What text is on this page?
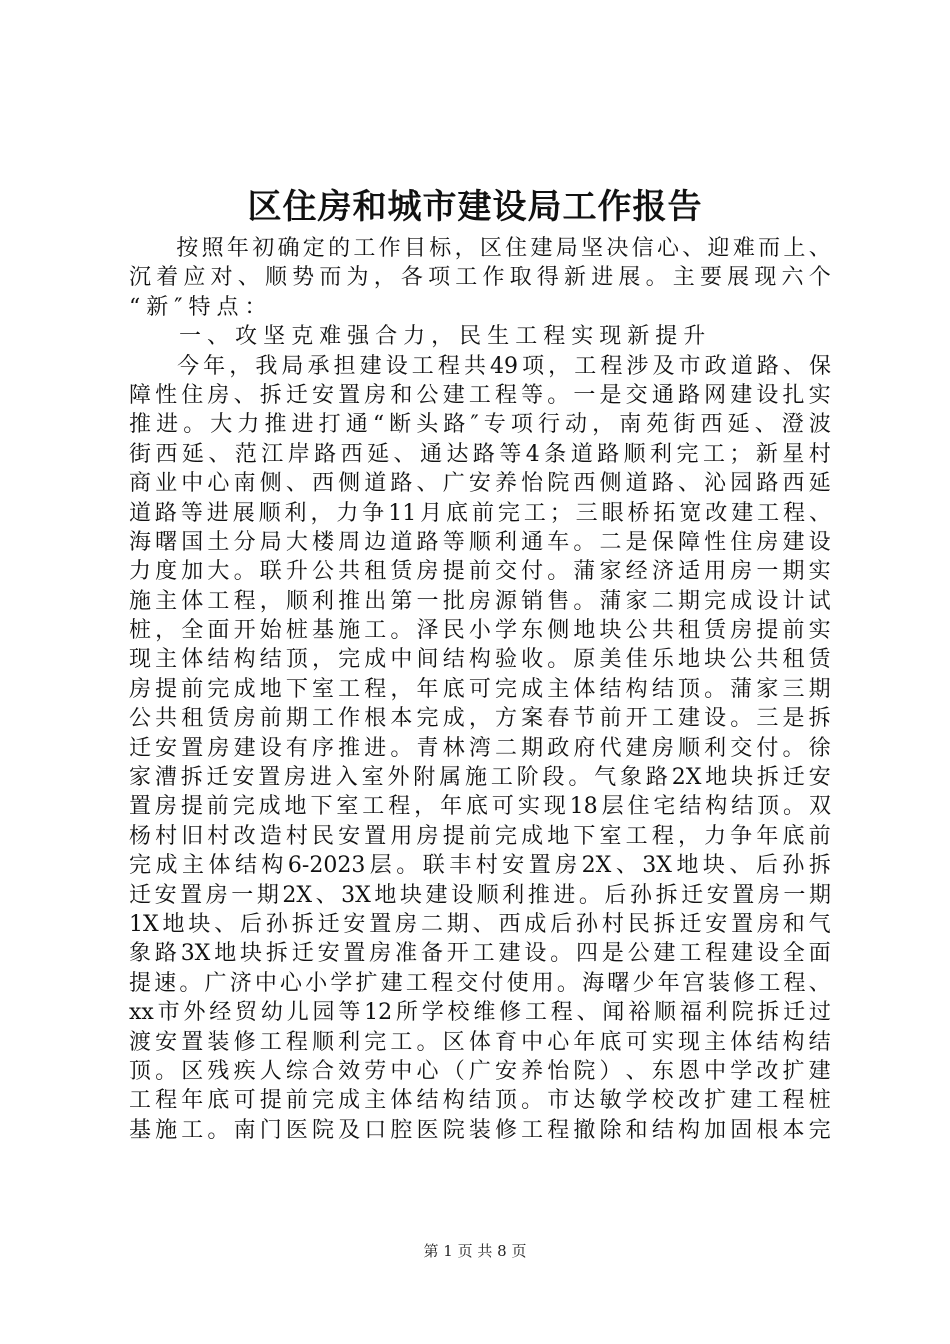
区住房和城市建设局工作报告

按 照 年 初 确 定 的 工 作 目 标 ， 区 住 建 局 坚 决 信 心 、 迎 难 而 上 、
沉 着 应 对 、 顺 势 而 为 ， 各 项 工 作 取 得 新 进 展 。 主 要 展 现 六 个
“ 新 ″ 特 点 ：

一 、 攻 坚 克 难 强 合 力 ， 民 生 工 程 实 现 新 提 升

今 年 ， 我 局 承 担 建 设 工 程 共 49 项 ， 工 程 涉 及 市 政 道 路 、 保
障 性 住 房 、 拆 迁 安 置 房 和 公 建 工 程 等 。 一 是 交 通 路 网 建 设 扎 实
推 进 。 大 力 推 进 打 通 “ 断 头 路 ″ 专 项 行 动 ， 南 苑 街 西 延 、 澄 波
街 西 延 、 范 江 岸 路 西 延 、 通 达 路 等 4 条 道 路 顺 利 完 工 ； 新 星 村
商 业 中 心 南 侧 、 西 侧 道 路 、 广 安 养 怡 院 西 侧 道 路 、 沁 园 路 西 延
道 路 等 进 展 顺 利 ， 力 争 11 月 底 前 完 工 ； 三 眼 桥 拓 宽 改 建 工 程 、
海 曙 国 土 分 局 大 楼 周 边 道 路 等 顺 利 通 车 。 二 是 保 障 性 住 房 建 设
力 度 加 大 。 联 升 公 共 租 赁 房 提 前 交 付 。 蒲 家 经 济 适 用 房 一 期 实
施 主 体 工 程 ， 顺 利 推 出 第 一 批 房 源 销 售 。 蒲 家 二 期 完 成 设 计 试
桩 ， 全 面 开 始 桩 基 施 工 。 泽 民 小 学 东 侧 地 块 公 共 租 赁 房 提 前 实
现 主 体 结 构 结 顶 ， 完 成 中 间 结 构 验 收 。 原 美 佳 乐 地 块 公 共 租 赁
房 提 前 完 成 地 下 室 工 程 ， 年 底 可 完 成 主 体 结 构 结 顶 。 蒲 家 三 期
公 共 租 赁 房 前 期 工 作 根 本 完 成 ， 方 案 春 节 前 开 工 建 设 。 三 是 拆
迁 安 置 房 建 设 有 序 推 进 。 青 林 湾 二 期 政 府 代 建 房 顺 利 交 付 。 徐
家 漕 拆 迁 安 置 房 进 入 室 外 附 属 施 工 阶 段 。 气 象 路 2X 地 块 拆 迁 安
置 房 提 前 完 成 地 下 室 工 程 ， 年 底 可 实 现 18 层 住 宅 结 构 结 顶 。 双
杨 村 旧 村 改 造 村 民 安 置 用 房 提 前 完 成 地 下 室 工 程 ， 力 争 年 底 前
完 成 主 体 结 构 6-2023 层 。 联 丰 村 安 置 房 2X 、 3X 地 块 、 后 孙 拆
迁 安 置 房 一 期 2X 、 3X 地 块 建 设 顺 利 推 进 。 后 孙 拆 迁 安 置 房 一 期
1X 地 块 、 后 孙 拆 迁 安 置 房 二 期 、 西 成 后 孙 村 民 拆 迁 安 置 房 和 气
象 路 3X 地 块 拆 迁 安 置 房 准 备 开 工 建 设 。 四 是 公 建 工 程 建 设 全 面
提 速 。 广 济 中 心 小 学 扩 建 工 程 交 付 使 用 。 海 曙 少 年 宫 装 修 工 程 、
xx 市 外 经 贸 幼 儿 园 等 12 所 学 校 维 修 工 程 、 闻 裕 顺 福 利 院 拆 迁 过
渡 安 置 装 修 工 程 顺 利 完 工 。 区 体 育 中 心 年 底 可 实 现 主 体 结 构 结
顶 。 区 残 疾 人 综 合 效 劳 中 心 （ 广 安 养 怡 院 ） 、 东 恩 中 学 改 扩 建
工 程 年 底 可 提 前 完 成 主 体 结 构 结 顶 。 市 达 敏 学 校 改 扩 建 工 程 桩
基 施 工 。 南 门 医 院 及 口 腔 医 院 装 修 工 程 撤 除 和 结 构 加 固 根 本 完
第 1 页 共 8 页
